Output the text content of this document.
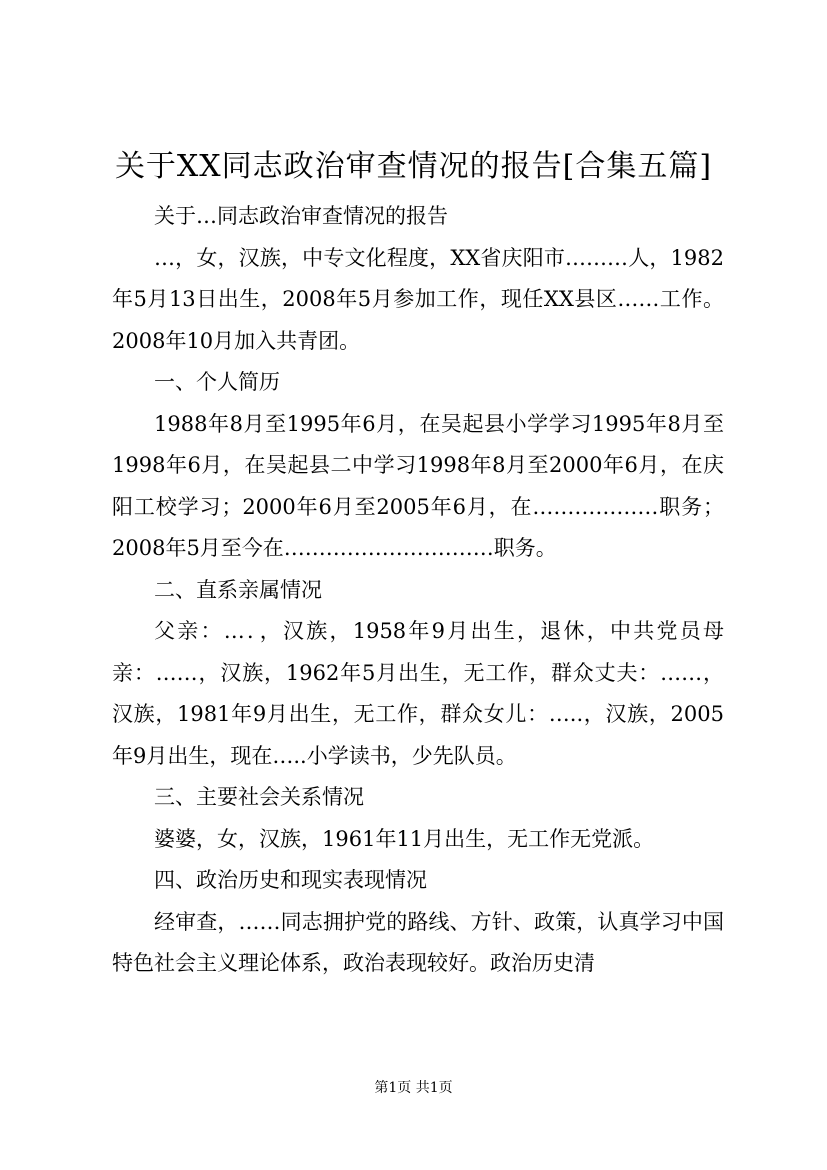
关于XX同志政治审查情况的报告[合集五篇]

关于…同志政治审查情况的报告

…，女，汉族，中专文化程度，XX省庆阳市………人，1982年5月13日出生，2008年5月参加工作，现任XX县区……工作。2008年10月加入共青团。

一、个人简历

1988年8月至1995年6月，在吴起县小学学习1995年8月至1998年6月，在吴起县二中学习1998年8月至2000年6月，在庆阳工校学习；2000年6月至2005年6月，在………………职务；2008年5月至今在…………………………职务。

二、直系亲属情况

父亲：…．，汉族，1958年9月出生，退休，中共党员母亲：……，汉族，1962年5月出生，无工作，群众丈夫：……，汉族，1981年9月出生，无工作，群众女儿：…..，汉族，2005年9月出生，现在…..小学读书，少先队员。

三、主要社会关系情况

婆婆，女，汉族，1961年11月出生，无工作无党派。

四、政治历史和现实表现情况

经审查，……同志拥护党的路线、方针、政策，认真学习中国特色社会主义理论体系，政治表现较好。政治历史清

第1页 共1页
